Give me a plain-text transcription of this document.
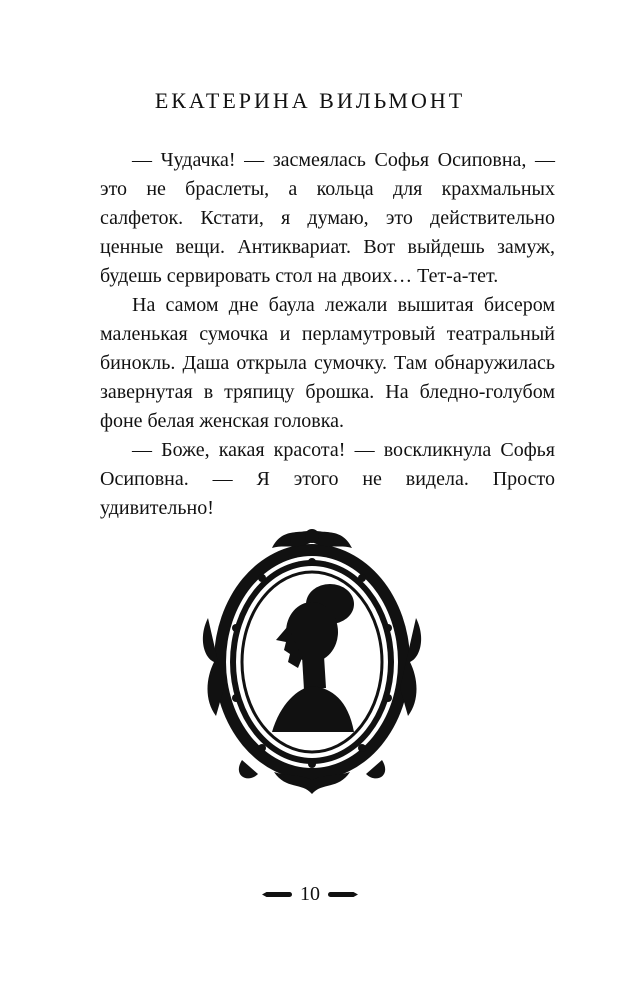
ЕКАТЕРИНА ВИЛЬМОНТ

— Чудачка! — засмеялась Софья Осиповна, — это не браслеты, а кольца для крахмальных салфеток. Кстати, я думаю, это действительно ценные вещи. Антиквариат. Вот выйдешь замуж, будешь сервировать стол на двоих… Тет-а-тет.

На самом дне баула лежали вышитая бисером маленькая сумочка и перламутровый театральный бинокль. Даша открыла сумочку. Там обнаружилась завернутая в тряпицу брошка. На бледно-голубом фоне белая женская головка.

— Боже, какая красота! — воскликнула Софья Осиповна. — Я этого не видела. Просто удивительно!

10
